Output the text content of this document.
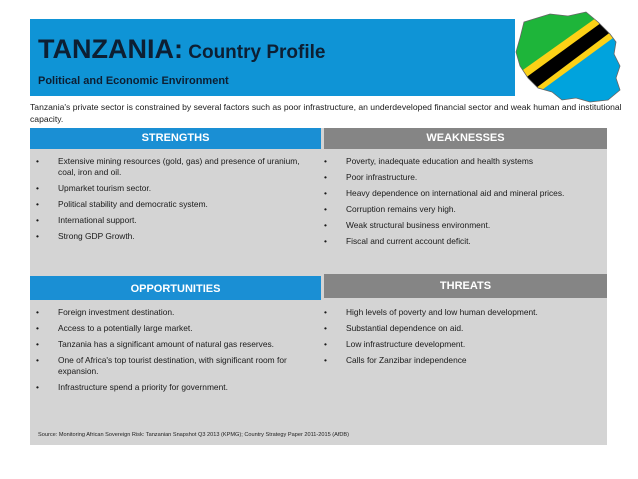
TANZANIA: Country Profile
Political and Economic Environment
Tanzania's private sector is constrained by several factors such as poor infrastructure, an underdeveloped financial sector and weak human and institutional capacity.
STRENGTHS	WEAKNESSES
• Extensive mining resources (gold, gas) and presence of uranium, coal, iron and oil.
• Upmarket tourism sector.
• Political stability and democratic system.
• International support.
• Strong GDP Growth.
• Poverty, inadequate education and health systems
• Poor infrastructure.
• Heavy dependence on international aid and mineral prices.
• Corruption remains very high.
• Weak structural business environment.
• Fiscal and current account deficit.
OPPORTUNITIES	THREATS
• Foreign investment destination.
• Access to a potentially large market.
• Tanzania has a significant amount of natural gas reserves.
• One of Africa's top tourist destination, with significant room for expansion.
• Infrastructure spend a priority for government.
• High levels of poverty and low human development.
• Substantial dependence on aid.
• Low infrastructure development.
• Calls for Zanzibar independence
Source: Monitoring African Sovereign Risk: Tanzanian Snapshot Q3 2013 (KPMG); Country Strategy Paper 2011-2015 (AfDB)
